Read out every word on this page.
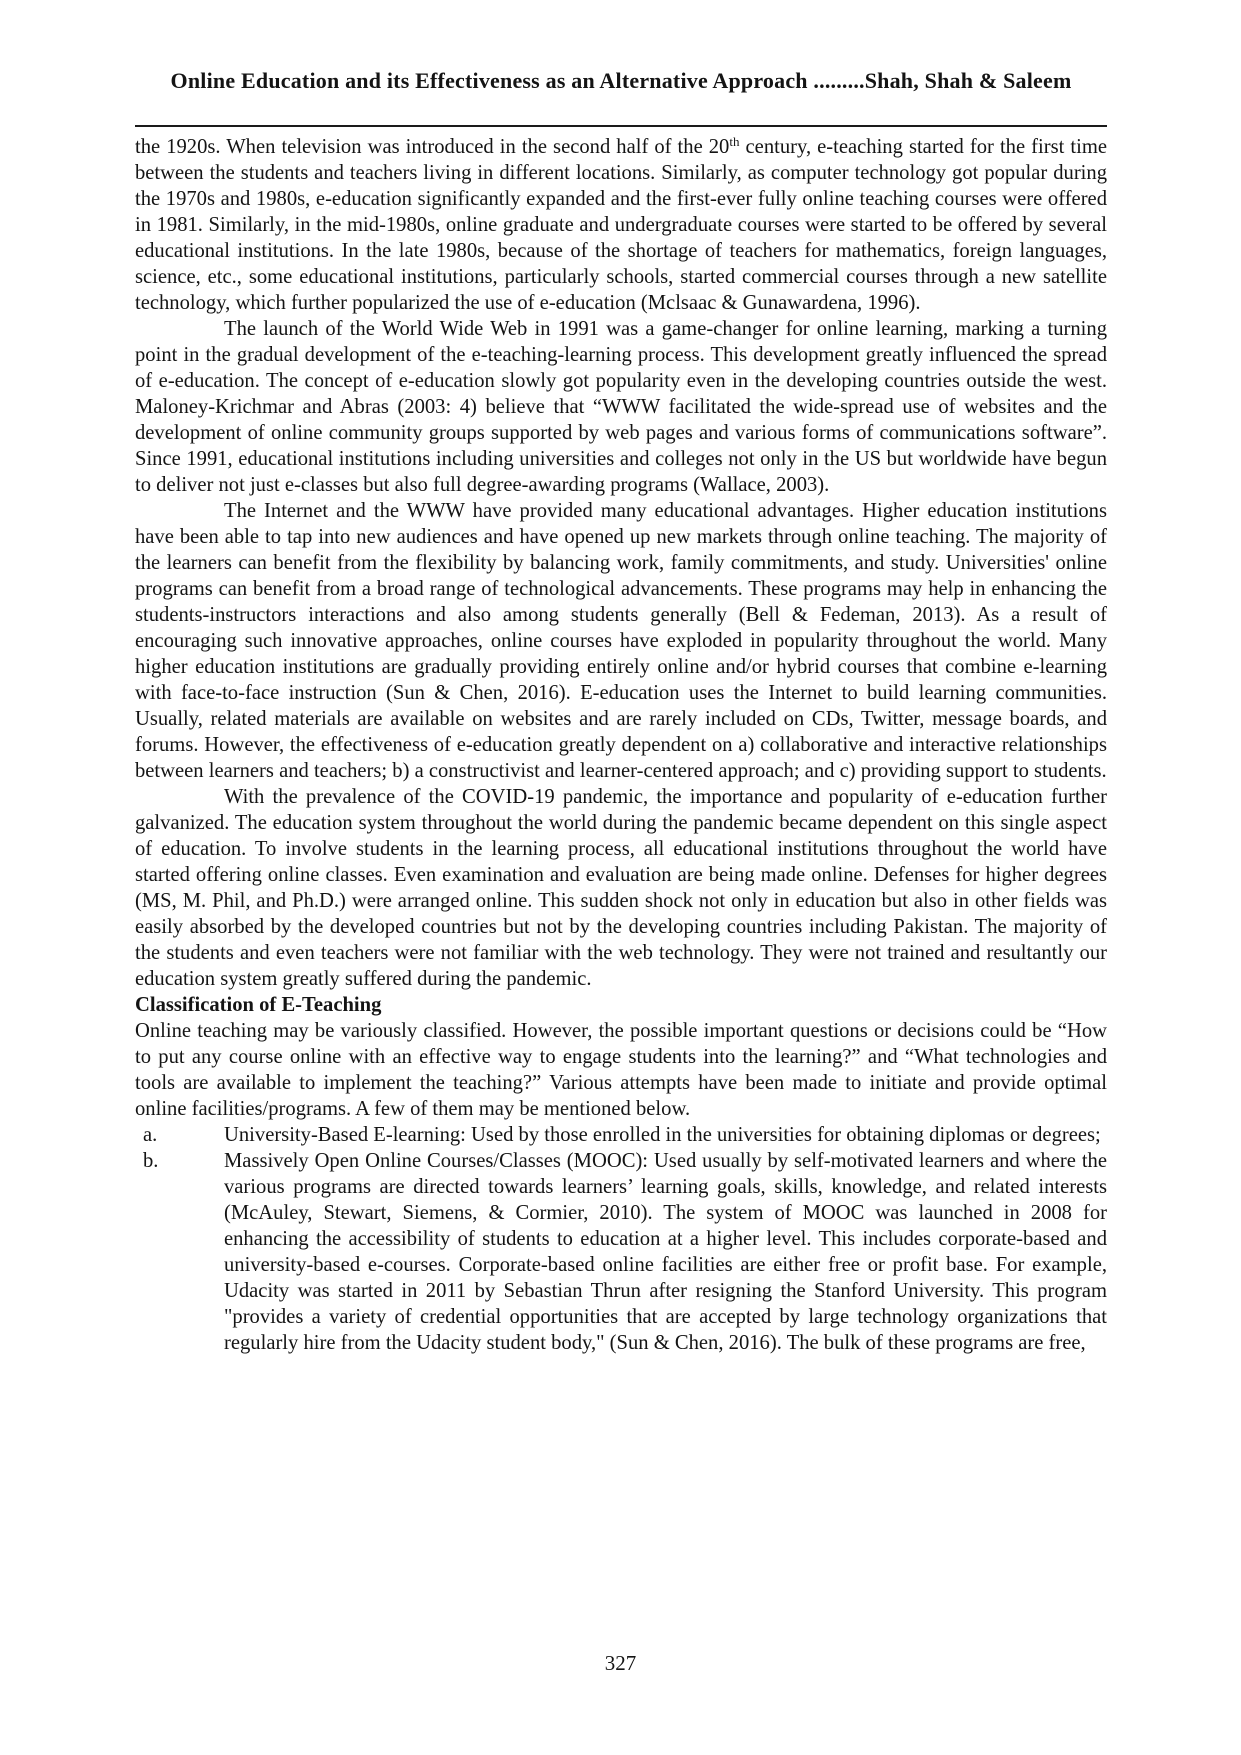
Online Education and its Effectiveness as an Alternative Approach .........Shah, Shah & Saleem

the 1920s. When television was introduced in the second half of the 20th century, e-teaching started for the first time between the students and teachers living in different locations. Similarly, as computer technology got popular during the 1970s and 1980s, e-education significantly expanded and the first-ever fully online teaching courses were offered in 1981. Similarly, in the mid-1980s, online graduate and undergraduate courses were started to be offered by several educational institutions. In the late 1980s, because of the shortage of teachers for mathematics, foreign languages, science, etc., some educational institutions, particularly schools, started commercial courses through a new satellite technology, which further popularized the use of e-education (Mclsaac & Gunawardena, 1996).

The launch of the World Wide Web in 1991 was a game-changer for online learning, marking a turning point in the gradual development of the e-teaching-learning process. This development greatly influenced the spread of e-education. The concept of e-education slowly got popularity even in the developing countries outside the west. Maloney-Krichmar and Abras (2003: 4) believe that “WWW facilitated the wide-spread use of websites and the development of online community groups supported by web pages and various forms of communications software”. Since 1991, educational institutions including universities and colleges not only in the US but worldwide have begun to deliver not just e-classes but also full degree-awarding programs (Wallace, 2003).

The Internet and the WWW have provided many educational advantages. Higher education institutions have been able to tap into new audiences and have opened up new markets through online teaching. The majority of the learners can benefit from the flexibility by balancing work, family commitments, and study. Universities' online programs can benefit from a broad range of technological advancements. These programs may help in enhancing the students-instructors interactions and also among students generally (Bell & Fedeman, 2013). As a result of encouraging such innovative approaches, online courses have exploded in popularity throughout the world. Many higher education institutions are gradually providing entirely online and/or hybrid courses that combine e-learning with face-to-face instruction (Sun & Chen, 2016). E-education uses the Internet to build learning communities. Usually, related materials are available on websites and are rarely included on CDs, Twitter, message boards, and forums. However, the effectiveness of e-education greatly dependent on a) collaborative and interactive relationships between learners and teachers; b) a constructivist and learner-centered approach; and c) providing support to students.

With the prevalence of the COVID-19 pandemic, the importance and popularity of e-education further galvanized. The education system throughout the world during the pandemic became dependent on this single aspect of education. To involve students in the learning process, all educational institutions throughout the world have started offering online classes. Even examination and evaluation are being made online. Defenses for higher degrees (MS, M. Phil, and Ph.D.) were arranged online. This sudden shock not only in education but also in other fields was easily absorbed by the developed countries but not by the developing countries including Pakistan. The majority of the students and even teachers were not familiar with the web technology. They were not trained and resultantly our education system greatly suffered during the pandemic.

Classification of E-Teaching

Online teaching may be variously classified. However, the possible important questions or decisions could be “How to put any course online with an effective way to engage students into the learning?” and “What technologies and tools are available to implement the teaching?” Various attempts have been made to initiate and provide optimal online facilities/programs. A few of them may be mentioned below.

a.	University-Based E-learning: Used by those enrolled in the universities for obtaining diplomas or degrees;
b.	Massively Open Online Courses/Classes (MOOC): Used usually by self-motivated learners and where the various programs are directed towards learners’ learning goals, skills, knowledge, and related interests (McAuley, Stewart, Siemens, & Cormier, 2010). The system of MOOC was launched in 2008 for enhancing the accessibility of students to education at a higher level. This includes corporate-based and university-based e-courses. Corporate-based online facilities are either free or profit base. For example, Udacity was started in 2011 by Sebastian Thrun after resigning the Stanford University. This program "provides a variety of credential opportunities that are accepted by large technology organizations that regularly hire from the Udacity student body," (Sun & Chen, 2016). The bulk of these programs are free,
327
